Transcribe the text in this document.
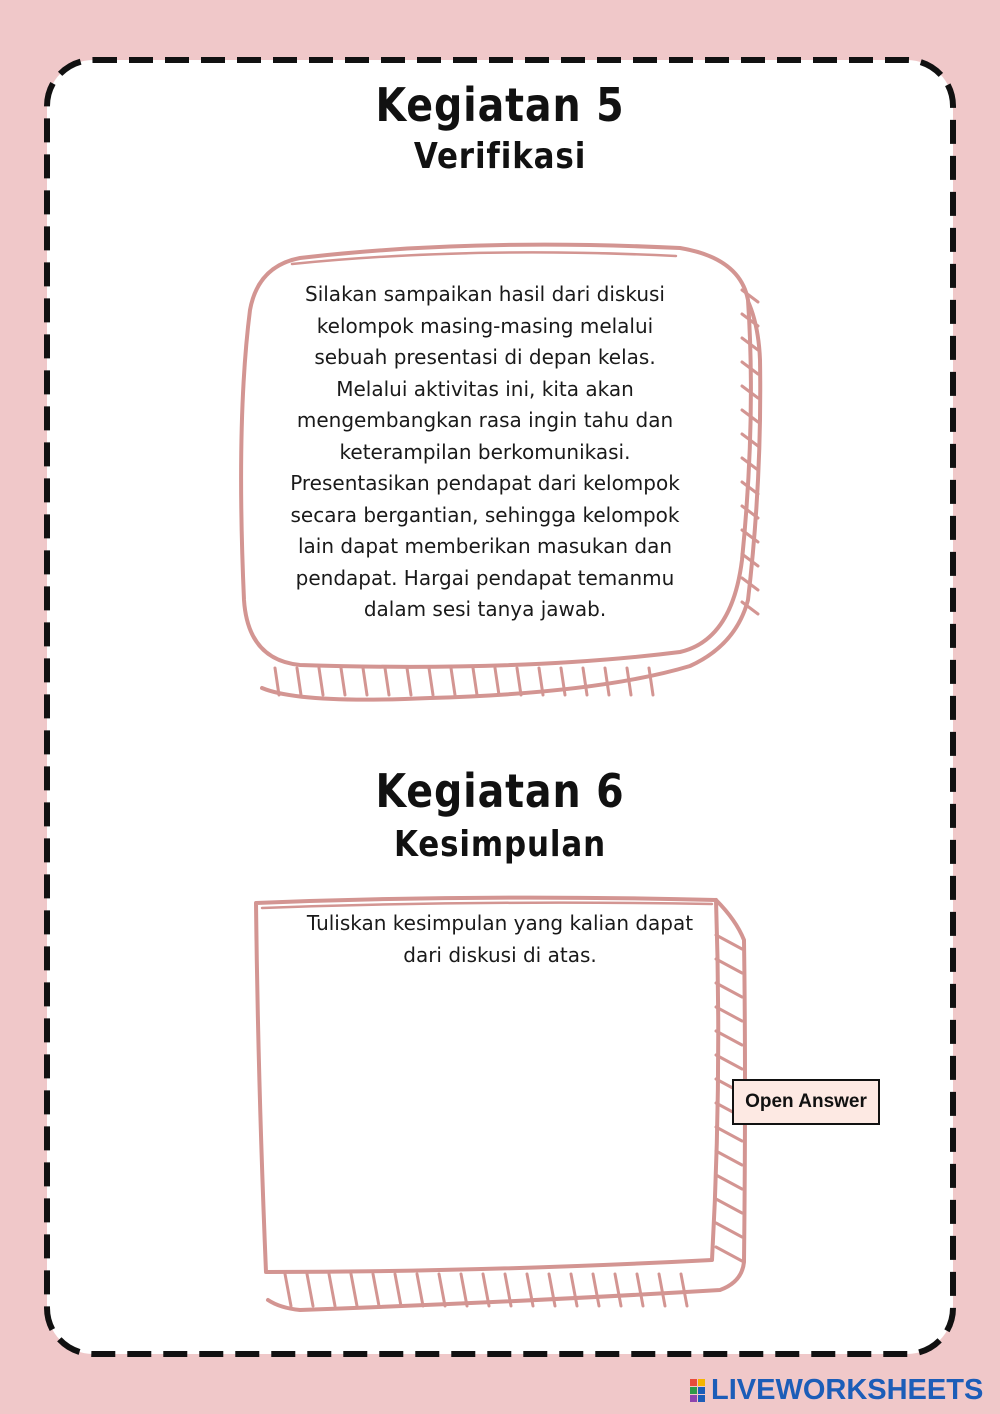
Kegiatan 5
Verifikasi
Silakan sampaikan hasil dari diskusi kelompok masing-masing melalui sebuah presentasi di depan kelas. Melalui aktivitas ini, kita akan mengembangkan rasa ingin tahu dan keterampilan berkomunikasi. Presentasikan pendapat dari kelompok secara bergantian, sehingga kelompok lain dapat memberikan masukan dan pendapat. Hargai pendapat temanmu dalam sesi tanya jawab.
Kegiatan 6
Kesimpulan
Tuliskan kesimpulan yang kalian dapat dari diskusi di atas.
Open Answer
LIVEWORKSHEETS
